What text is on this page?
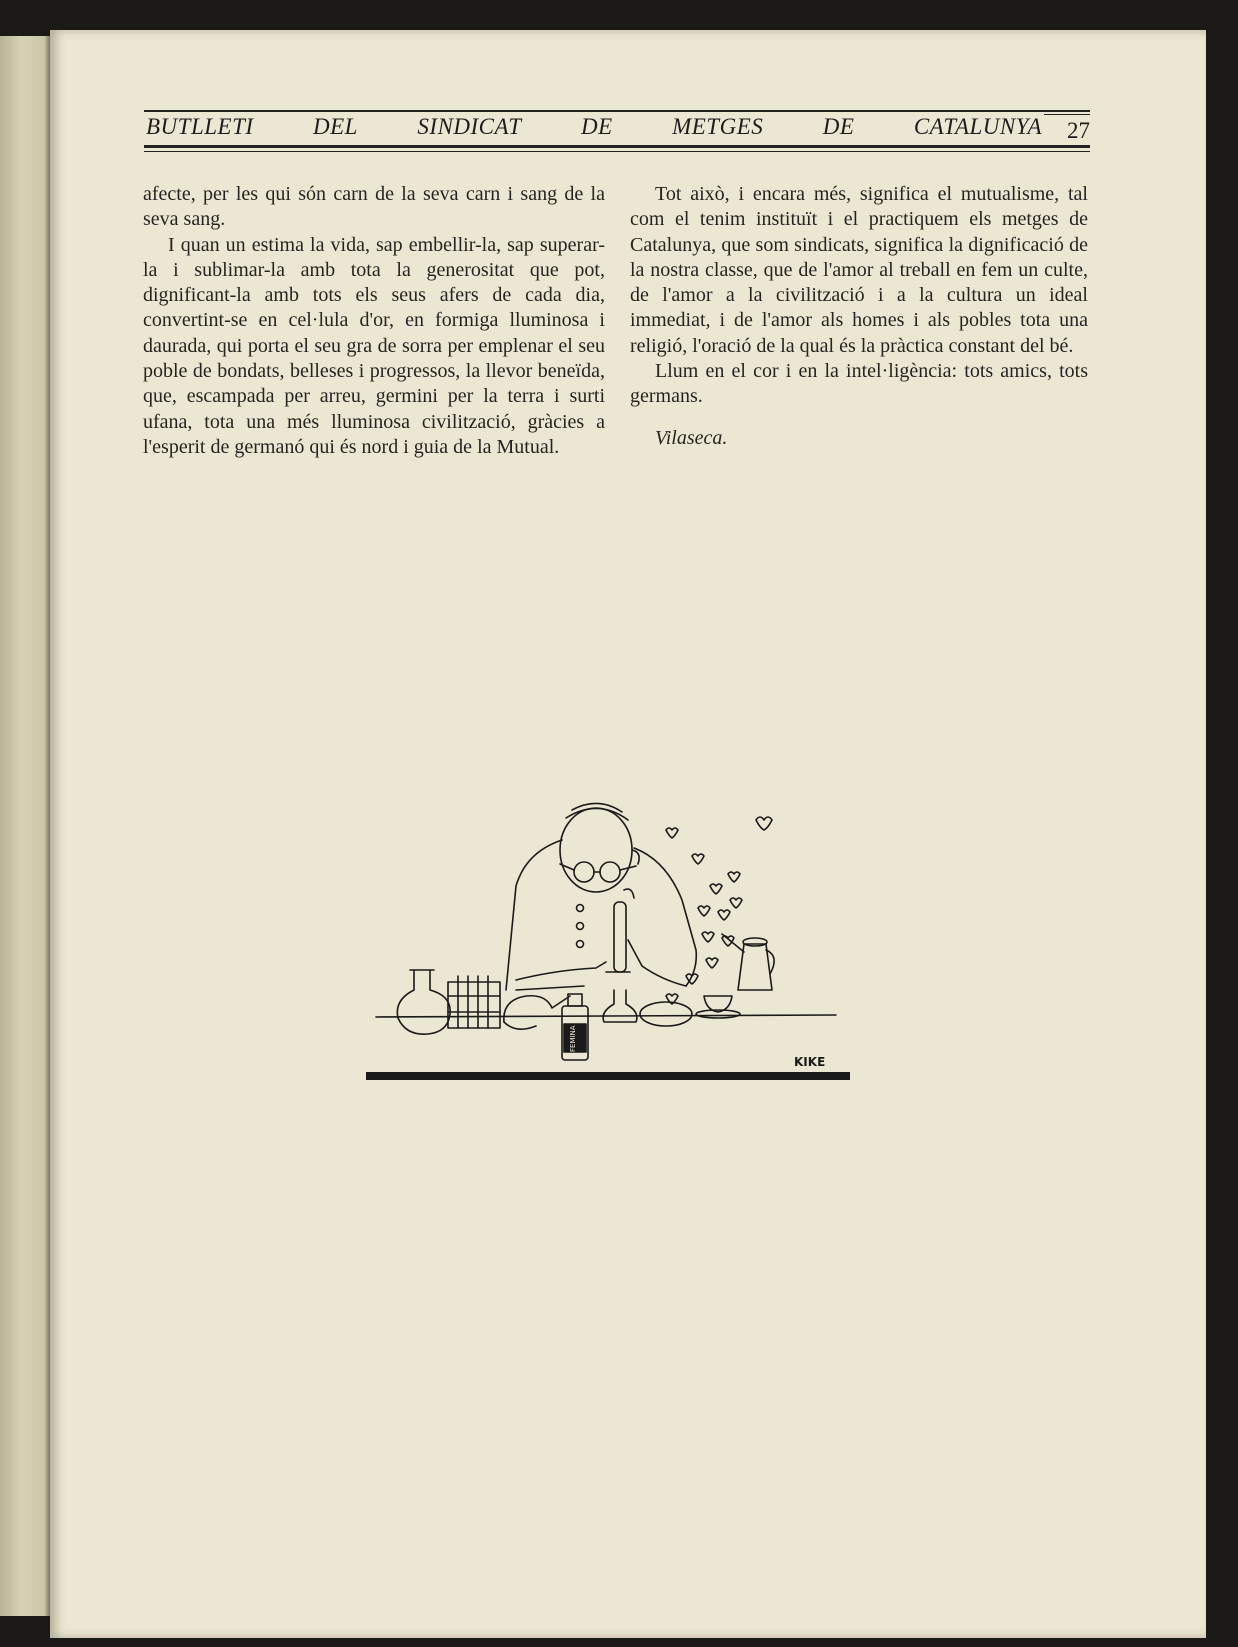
BUTLLETI	DEL	SINDICAT	DE	METGES	DE	CATALUNYA 27

afecte, per les qui són carn de la seva carn i sang de la seva sang.

I quan un estima la vida, sap embellir-la, sap superar-la i sublimar-la amb tota la generositat que pot, dignificant-la amb tots els seus afers de cada dia, convertint-se en cel·lula d'or, en formiga lluminosa i daurada, qui porta el seu gra de sorra per emplenar el seu poble de bondats, belleses i progressos, la llevor beneïda, que, escampada per arreu, germini per la terra i surti ufana, tota una més lluminosa civilització, gràcies a l'esperit de germanó qui és nord i guia de la Mutual.

Tot això, i encara més, significa el mutualisme, tal com el tenim instituït i el practiquem els metges de Catalunya, que som sindicats, significa la dignificació de la nostra classe, que de l'amor al treball en fem un culte, de l'amor a la civilització i a la cultura un ideal immediat, i de l'amor als homes i als pobles tota una religió, l'oració de la qual és la pràctica constant del bé.

Llum en el cor i en la intel·ligència: tots amics, tots germans.

Vilaseca.

FEMINA
KIKE
